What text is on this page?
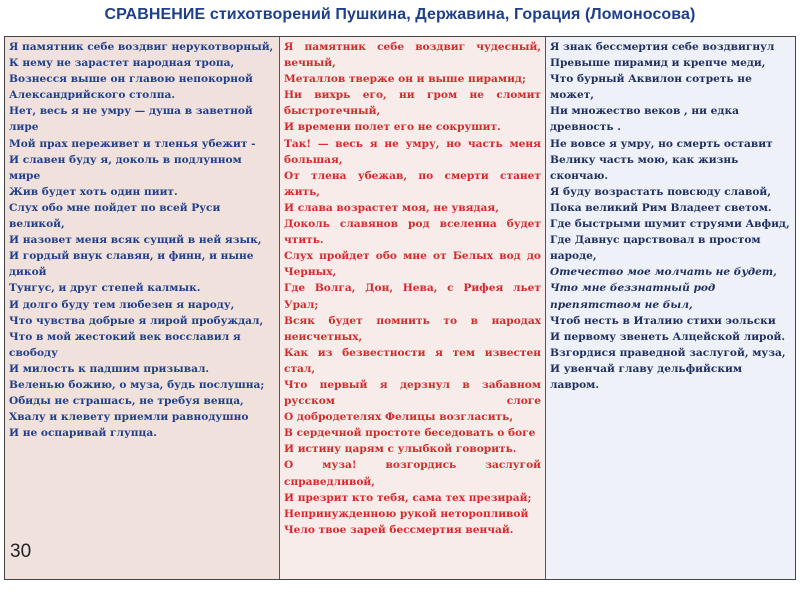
СРАВНЕНИЕ стихотворений Пушкина, Державина, Горация (Ломоносова)
Я памятник себе воздвиг нерукотворный,
К нему не зарастет народная тропа,
Вознесся выше он главою непокорной
Александрийского столпа.
Нет, весь я не умру — душа в заветной лире
Мой прах переживет и тленья убежит -
И славен буду я, доколь в подлунном мире
Жив будет хоть один пиит.
Слух обо мне пойдет по всей Руси великой,
И назовет меня всяк сущий в ней язык,
И гордый внук славян, и финн, и ныне дикой
Тунгус, и друг степей калмык.
И долго буду тем любезен я народу,
Что чувства добрые я лирой пробуждал,
Что в мой жестокий век восславил я свободу
И милость к падшим призывал.
Веленью божию, о муза, будь послушна;
Обиды не страшась, не требуя венца,
Хвалу и клевету приемли равнодушно
И не оспаривай глупца.
Я памятник себе воздвиг чудесный, вечный,
Металлов тверже он и выше пирамид;
Ни вихрь его, ни гром не сломит быстротечный,
И времени полет его не сокрушит.
Так! — весь я не умру, но часть меня большая,
От тлена убежав, по смерти станет жить,
И слава возрастет моя, не увядая,
Доколь славянов род вселенна будет чтить.
Слух пройдет обо мне от Белых вод до Черных,
Где Волга, Дон, Нева, с Рифея льет Урал;
Всяк будет помнить то в народах неисчетных,
Как из безвестности я тем известен стал,
Что первый я дерзнул в забавном русском слоге
О добродетелях Фелицы возгласить,
В сердечной простоте беседовать о боге
И истину царям с улыбкой говорить.
О муза! возгордись заслугой справедливой,
И презрит кто тебя, сама тех презирай;
Непринужденною рукой неторопливой
Чело твое зарей бессмертия венчай.
Я знак бессмертия себе воздвигнул
Превыше пирамид и крепче меди,
Что бурный Аквилон сотреть не может,
Ни множество веков , ни едка древность .
Не вовсе я умру, но смерть оставит
Велику часть мою, как жизнь скончаю.
Я буду возрастать повсюду славой,
Пока великий Рим Владеет светом.
Где быстрыми шумит струями Авфид,
Где Давнус царствовал в простом народе,
Отечество мое молчать не будет,
Что мне беззнатный род препятством не был,
Чтоб несть в Италию стихи эольски
И первому звенеть Алцейской лирой.
Взгордися праведной заслугой, муза,
И увенчай главу дельфийским лавром.
30
